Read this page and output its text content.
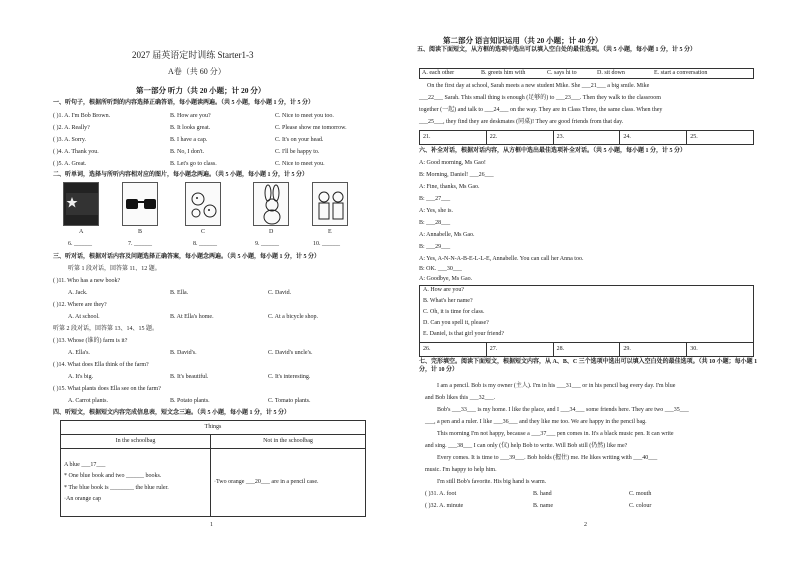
2027 届英语定时训练 Starter1-3
A卷（共 60 分）
第一部分 听力（共 20 小题；计 20 分）
一、听句子，根据所听到的内容选择正确答语，每小题读两遍。（共 5 小题，每小题 1 分，计 5 分）
( )1. A. I'm Bob Brown.	B. How are you?	C. Nice to meet you too.
( )2. A. Really?	B. It looks great.	C. Please show me tomorrow.
( )3. A. Sorry.	B. I have a cap.	C. It's on your head.
( )4. A. Thank you.	B. No, I don't.	C. I'll be happy to.
( )5. A. Great.	B. Let's go to class.	C. Nice to meet you.
二、听单词，选择与所听内容相对应的图片，每小题念两遍。（共 5 小题，每小题 1 分，计 5 分）
A	B	C	D	E
6. ______	7. ______	8. ______	9. ______	10. ______
三、听对话，根据对话内容及问题选择正确答案，每小题念两遍。（共 5 小题，每小题 1 分，计 5 分）
听第 1 段对话，回答第 11、12 题。
( )11. Who has a new book?
A. Jack.	B. Ella.	C. David.
( )12. Where are they?
A. At school.	B. At Ella's home.	C. At a bicycle shop.
听第 2 段对话，回答第 13、14、15 题。
( )13. Whose (谁的) farm is it?
A. Ella's.	B. David's.	C. David's uncle's.
( )14. What does Ella think of the farm?
A. It's big.	B. It's beautiful.	C. It's interesting.
( )15. What plants does Ella see on the farm?
A. Carrot plants.	B. Potato plants.	C. Tomato plants.
四、听短文，根据短文内容完成信息表，短文念三遍。（共 5 小题，每小题 1 分，计 5 分）
Things	
In the schoolbag	Not in the schoolbag

A blue ___17___
* One blue book and two ______ books.
* The blue book is ________ the blue ruler.
·An orange cap	·Two orange ___20___ are in a pencil case.
1
第二部分 语言知识运用（共 20 小题；计 40 分）
五、阅读下面短文，从方框的选项中选出可以填入空白处的最佳选项。（共 5 小题，每小题 1 分，计 5 分）
A. each other	B. greets him with	C. says hi to	D. sit down	E. start a conversation
On the first day at school, Sarah meets a new student Mike. She ___21___ a big smile. Mike
___22___ Sarah. This small thing is enough (足够的) to ___23___. Then they walk to the classroom
together (一起) and talk to ___24___ on the way. They are in Class Three, the same class. When they
___25___, they find they are deskmates (同桌)! They are good friends from that day.
21.	22.	23.	24.	25.
六、补全对话，根据对话内容，从方框中选出最佳选项补全对话。（共 5 小题，每小题 1 分，计 5 分）
A: Good morning, Ms Gao!
B: Morning, Daniel! ___26___
A: Fine, thanks, Ms Gao.
B: ___27___
A: Yes, she is.
B: ___28___
A: Annabelle, Ms Gao.
B: ___29___
A: Yes, A-N-N-A-B-E-L-L-E, Annabelle. You can call her Anna too.
B: OK. ___30___
A: Goodbye, Ms Gao.
A. How are you?
B. What's her name?
C. Oh, it is time for class.
D. Can you spell it, please?
E. Daniel, is that girl your friend?
26.	27.	28.	29.	30.
七、完形填空。阅读下面短文，根据短文内容，从 A、B、C 三个选项中选出可以填入空白处的最佳选项。（共 10 小题；每小题 1 分，计 10 分）
I am a pencil. Bob is my owner (主人). I'm in his ___31___ or in his pencil bag every day. I'm blue
and Bob likes this ___32___.
Bob's ___33___ is my home. I like the place, and I ___34___ some friends here. They are two ___35___
___, a pen and a ruler. I like ___36___ and they like me too. We are happy in the pencil bag.
This morning I'm not happy, because a ___37___ pen comes in. It's a black music pen. It can write
and sing. ___38___ I can only (仅) help Bob to write. Will Bob still (仍然) like me?
Every comes. It is time to ___39___. Bob holds (握住) me. He likes writing with ___40___
music. I'm happy to help him.
I'm still Bob's favorite. His big hand is warm.
( )31. A. foot	B. hand	C. mouth
( )32. A. minute	B. name	C. colour
2
